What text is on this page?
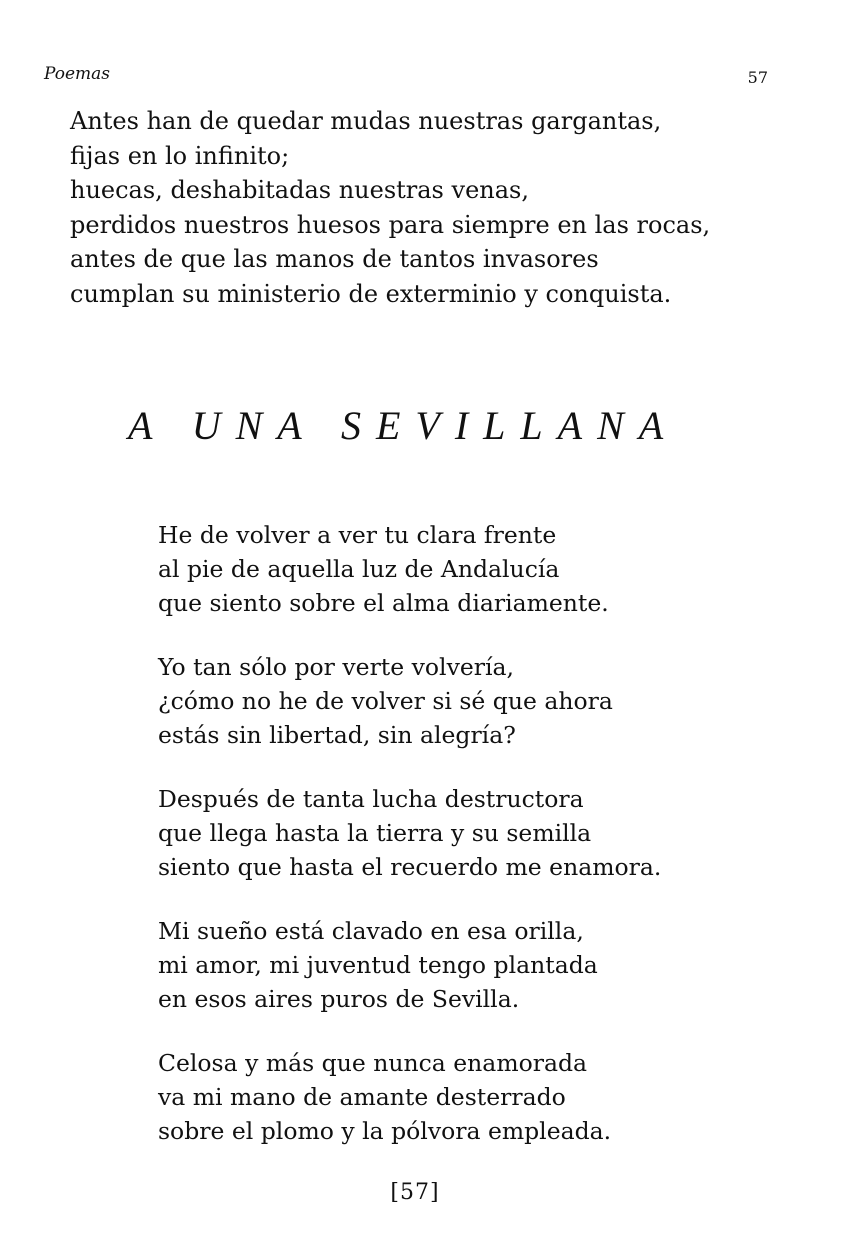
Poemas	57
Antes han de quedar mudas nuestras gargantas,
fijas en lo infinito;
huecas, deshabitadas nuestras venas,
perdidos nuestros huesos para siempre en las rocas,
antes de que las manos de tantos invasores
cumplan su ministerio de exterminio y conquista.
A UNA SEVILLANA
He de volver a ver tu clara frente
al pie de aquella luz de Andalucía
que siento sobre el alma diariamente.
Yo tan sólo por verte volvería,
¿cómo no he de volver si sé que ahora
estás sin libertad, sin alegría?
Después de tanta lucha destructora
que llega hasta la tierra y su semilla
siento que hasta el recuerdo me enamora.
Mi sueño está clavado en esa orilla,
mi amor, mi juventud tengo plantada
en esos aires puros de Sevilla.
Celosa y más que nunca enamorada
va mi mano de amante desterrado
sobre el plomo y la pólvora empleada.
[57]
